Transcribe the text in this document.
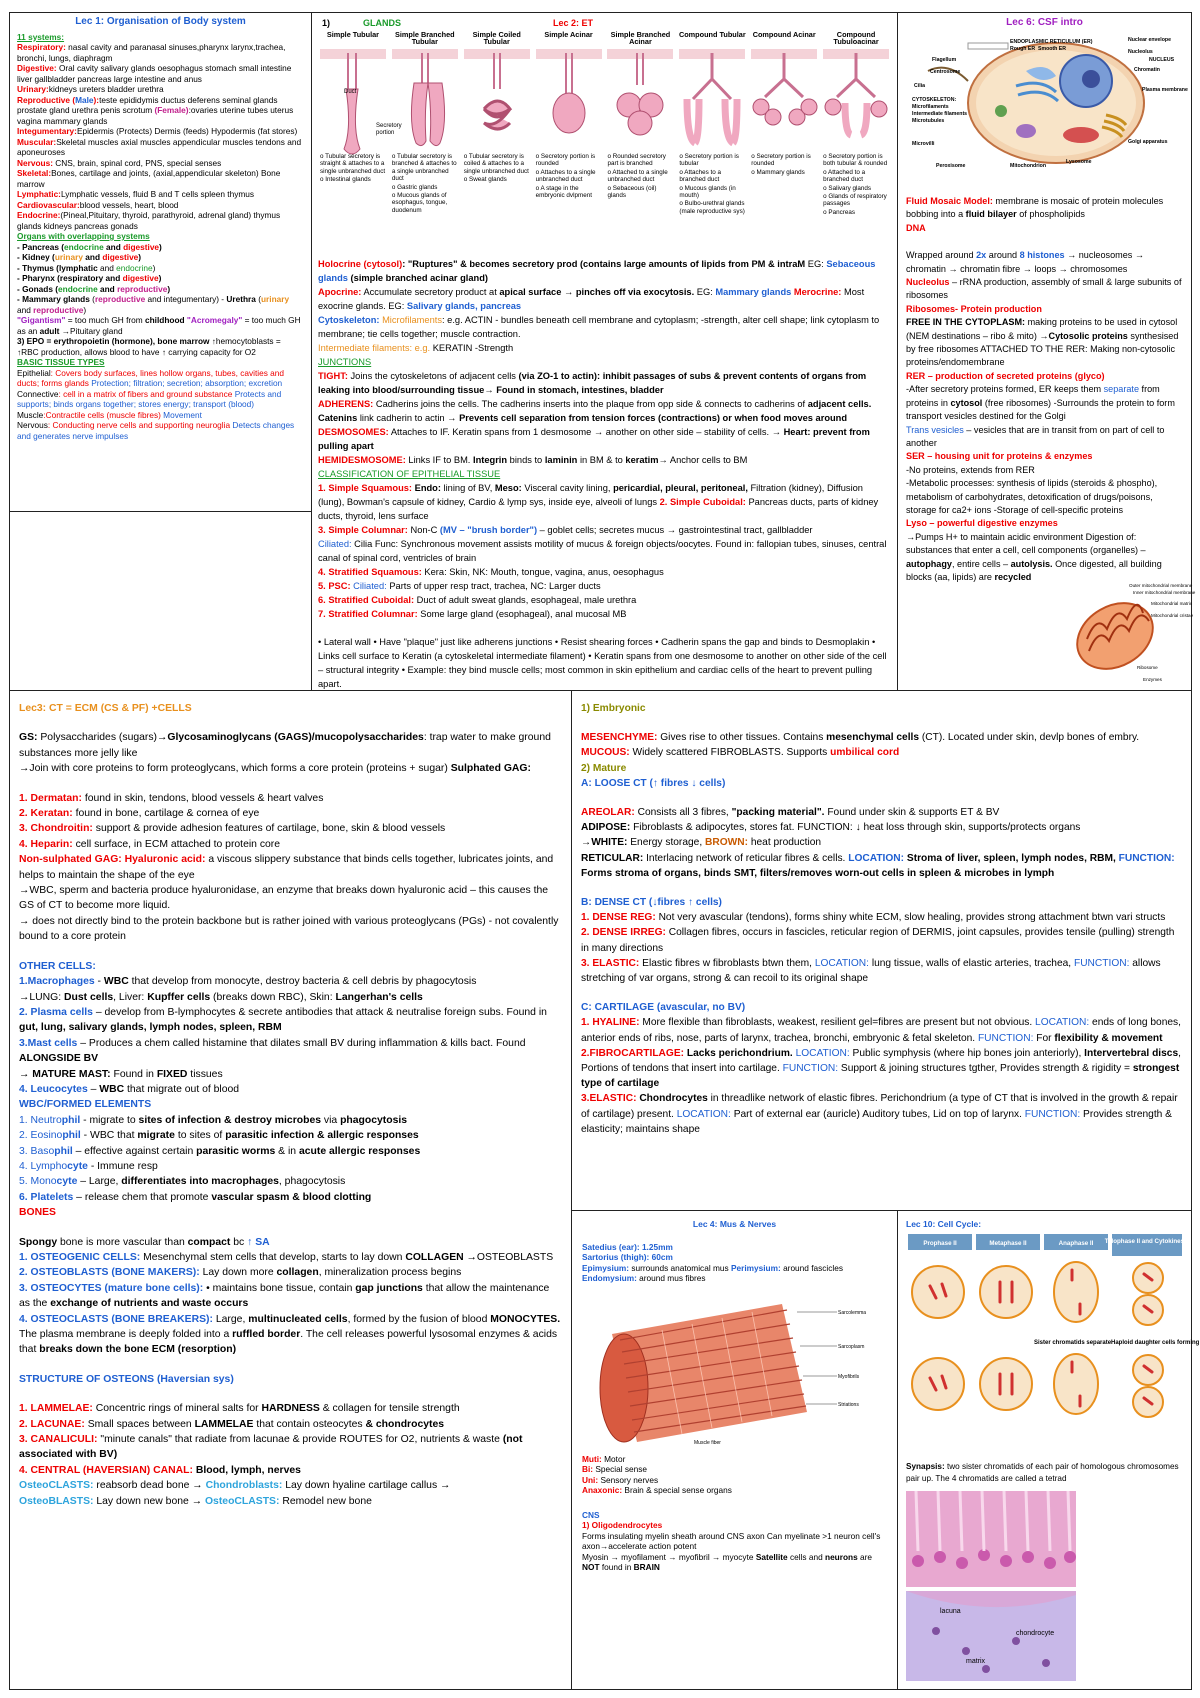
Lec 1: Organisation of Body system

11 systems:

Respiratory: nasal cavity and paranasal sinuses,pharynx larynx,trachea, bronchi, lungs, diaphragm

Digestive: Oral cavity salivary glands oesophagus stomach small intestine liver gallbladder pancreas large intestine and anus

Urinary:kidneys ureters bladder urethra

Reproductive (Male):teste epididymis ductus deferens seminal glands prostate gland urethra penis scrotum (Female):ovaries uterine tubes uterus vagina mammary glands

Integumentary:Epidermis (Protects) Dermis (feeds) Hypodermis (fat stores)

Muscular:Skeletal muscles axial muscles appendicular muscles tendons and aponeuroses

Nervous: CNS, brain, spinal cord, PNS, special senses

Skeletal:Bones, cartilage and joints, (axial,appendicular skeleton) Bone marrow

Lymphatic:Lymphatic vessels, fluid B and T cells spleen thymus

Cardiovascular:blood vessels, heart, blood

Endocrine:(Pineal,Pituitary, thyroid, parathyroid, adrenal gland) thymus glands kidneys pancreas gonads

Organs with overlapping systems

- Pancreas (endocrine and digestive)

- Kidney (urinary and digestive)

- Thymus (lymphatic and endocrine)

- Pharynx (respiratory and digestive)

- Gonads (endocrine and reproductive)

- Mammary glands (reproductive and integumentary) - Urethra (urinary and reproductive)

"Gigantism" = too much GH from childhood "Acromegaly" = too much GH as an adult →Pituitary gland

3) EPO = erythropoietin (hormone), bone marrow ↑hemocytoblasts = ↑RBC production, allows blood to have ↑ carrying capacity for O2

BASIC TISSUE TYPES

Epithelial: Covers body surfaces, lines hollow organs, tubes, cavities and ducts; forms glands Protection; filtration; secretion; absorption; excretion

Connective: cell in a matrix of fibers and ground substance Protects and supports; binds organs together; stores energy; transport (blood)

Muscle:Contractile cells (muscle fibres) Movement

Nervous: Conducting nerve cells and supporting neuroglia Detects changes and generates nerve impulses

1)	GLANDS	Lec 2: ET
Simple Tubular
Duct
Secretory portion
o Tubular secretory is straight & attaches to a single unbranched duct
o Intestinal glands
Simple Branched Tubular
o Tubular secretory is branched & attaches to a single unbranched duct
o Gastric glands
o Mucous glands of esophagus, tongue, duodenum
Simple Coiled Tubular
o Tubular secretory is coiled & attaches to a single unbranched duct
o Sweat glands
Simple Acinar
o Secretory portion is rounded
o Attaches to a single unbranched duct
o A stage in the embryonic dvlpment
Simple Branched Acinar
o Rounded secretory part is branched
o Attached to a single unbranched duct
o Sebaceous (oil) glands
Compound Tubular
o Secretory portion is tubular
o Attaches to a branched duct
o Mucous glands (in mouth)
o Bulbo-urethral glands (male reproductive sys)
Compound Acinar
o Secretory portion is rounded
o Mammary glands
Compound Tubuloacinar
o Secretory portion is both tubular & rounded
o Attached to a branched duct
o Salivary glands
o Glands of respiratory passages
o Pancreas

Holocrine (cytosol): "Ruptures" & becomes secretory prod (contains large amounts of lipids from PM & intraM EG: Sebaceous glands (simple branched acinar gland)

Apocrine: Accumulate secretory product at apical surface → pinches off via exocytosis. EG: Mammary glands Merocrine: Most exocrine glands. EG: Salivary glands, pancreas

Cytoskeleton: Microfilaments: e.g. ACTIN - bundles beneath cell membrane and cytoplasm; -strength, alter cell shape; link cytoplasm to membrane; tie cells together; muscle contraction.

Intermediate filaments: e.g. KERATIN -Strength

JUNCTIONS

TIGHT: Joins the cytoskeletons of adjacent cells (via ZO-1 to actin): inhibit passages of subs & prevent contents of organs from leaking into blood/surrounding tissue→ Found in stomach, intestines, bladder

ADHERENS: Cadherins joins the cells. The cadherins inserts into the plaque from opp side & connects to cadherins of adjacent cells. Catenins link cadherin to actin → Prevents cell separation from tension forces (contractions) or when food moves around

DESMOSOMES: Attaches to IF. Keratin spans from 1 desmosome → another on other side – stability of cells. → Heart: prevent from pulling apart

HEMIDESMOSOME: Links IF to BM. Integrin binds to laminin in BM & to keratim→ Anchor cells to BM

CLASSIFICATION OF EPITHELIAL TISSUE

1. Simple Squamous: Endo: lining of BV, Meso: Visceral cavity lining, pericardial, pleural, peritoneal, Filtration (kidney), Diffusion (lung), Bowman's capsule of kidney, Cardio & lymp sys, inside eye, alveoli of lungs 2. Simple Cuboidal: Pancreas ducts, parts of kidney ducts, thyroid, lens surface

3. Simple Columnar: Non-C (MV – "brush border") – goblet cells; secretes mucus → gastrointestinal tract, gallbladder

Ciliated: Cilia Func: Synchronous movement assists motility of mucus & foreign objects/oocytes. Found in: fallopian tubes, sinuses, central canal of spinal cord, ventricles of brain

4. Stratified Squamous: Kera: Skin, NK: Mouth, tongue, vagina, anus, oesophagus

5. PSC: Ciliated: Parts of upper resp tract, trachea, NC: Larger ducts

6. Stratified Cuboidal: Duct of adult sweat glands, esophageal, male urethra

7. Stratified Columnar: Some large gland (esophageal), anal mucosal MB

• Lateral wall • Have "plaque" just like adherens junctions • Resist shearing forces • Cadherin spans the gap and binds to Desmoplakin • Links cell surface to Keratin (a cytoskeletal intermediate filament) • Keratin spans from one desmosome to another on other side of the cell – structural integrity • Example: they bind muscle cells; most common in skin epithelium and cardiac cells of the heart to prevent pulling apart.

Lec 6: CSF intro
ENDOPLASMIC RETICULUM (ER)
Rough ER Smooth ER
Nuclear envelope
Nucleolus
NUCLEUS
Chromatin
Flagellum
Centrosome
Cilia
CYTOSKELETON:
Microfilaments
Intermediate filaments
Microtubules
Plasma membrane
Microvilli
Peroxisome	Mitochondrion
Lysosome
Golgi apparatus

Fluid Mosaic Model: membrane is mosaic of protein molecules bobbing into a fluid bilayer of phospholipids

DNA

Wrapped around 2x around 8 histones → nucleosomes → chromatin → chromatin fibre → loops → chromosomes

Nucleolus – rRNA production, assembly of small & large subunits of ribosomes

Ribosomes- Protein production

FREE IN THE CYTOPLASM: making proteins to be used in cytosol (NEM destinations – ribo & mito) →Cytosolic proteins synthesised by free ribosomes ATTACHED TO THE RER: Making non-cytosolic proteins/endomembrane

RER – production of secreted proteins (glyco)

-After secretory proteins formed, ER keeps them separate from proteins in cytosol (free ribosomes) -Surrounds the protein to form transport vesicles destined for the Golgi

Trans vesicles – vesicles that are in transit from on part of cell to another

SER – housing unit for proteins & enzymes

-No proteins, extends from RER

-Metabolic processes: synthesis of lipids (steroids & phospho), metabolism of carbohydrates, detoxification of drugs/poisons, storage for ca2+ ions -Storage of cell-specific proteins

Lyso – powerful digestive enzymes

→Pumps H+ to maintain acidic environment Digestion of: substances that enter a cell, cell components (organelles) – autophagy, entire cells – autolysis. Once digested, all building blocks (aa, lipids) are recycled

Outer mitochondrial membrane
Inner mitochondrial membrane
Mitochondrial matrix
Mitochondrial cristae
Ribosome
Enzymes

Lec3: CT = ECM (CS & PF) +CELLS

GS: Polysaccharides (sugars)→Glycosaminoglycans (GAGS)/mucopolysaccharides: trap water to make ground substances more jelly like

→Join with core proteins to form proteoglycans, which forms a core protein (proteins + sugar) Sulphated GAG:

1. Dermatan: found in skin, tendons, blood vessels & heart valves

2. Keratan: found in bone, cartilage & cornea of eye

3. Chondroitin: support & provide adhesion features of cartilage, bone, skin & blood vessels

4. Heparin: cell surface, in ECM attached to protein core

Non-sulphated GAG: Hyaluronic acid: a viscous slippery substance that binds cells together, lubricates joints, and helps to maintain the shape of the eye

→WBC, sperm and bacteria produce hyaluronidase, an enzyme that breaks down hyaluronic acid – this causes the GS of CT to become more liquid.

→ does not directly bind to the protein backbone but is rather joined with various proteoglycans (PGs) - not covalently bound to a core protein

OTHER CELLS:

1.Macrophages - WBC that develop from monocyte, destroy bacteria & cell debris by phagocytosis

→LUNG: Dust cells, Liver: Kupffer cells (breaks down RBC), Skin: Langerhan's cells

2. Plasma cells – develop from B-lymphocytes & secrete antibodies that attack & neutralise foreign subs. Found in gut, lung, salivary glands, lymph nodes, spleen, RBM

3.Mast cells – Produces a chem called histamine that dilates small BV during inflammation & kills bact. Found ALONGSIDE BV

→ MATURE MAST: Found in FIXED tissues

4. Leucocytes – WBC that migrate out of blood

WBC/FORMED ELEMENTS

1. Neutrophil - migrate to sites of infection & destroy microbes via phagocytosis

2. Eosinophil - WBC that migrate to sites of parasitic infection & allergic responses

3. Basophil – effective against certain parasitic worms & in acute allergic responses

4. Lymphocyte - Immune resp

5. Monocyte – Large, differentiates into macrophages, phagocytosis

6. Platelets – release chem that promote vascular spasm & blood clotting

BONES

Spongy bone is more vascular than compact bc ↑ SA

1. OSTEOGENIC CELLS: Mesenchymal stem cells that develop, starts to lay down COLLAGEN →OSTEOBLASTS

2. OSTEOBLASTS (BONE MAKERS): Lay down more collagen, mineralization process begins

3. OSTEOCYTES (mature bone cells): • maintains bone tissue, contain gap junctions that allow the maintenance as the exchange of nutrients and waste occurs

4. OSTEOCLASTS (BONE BREAKERS): Large, multinucleated cells, formed by the fusion of blood MONOCYTES. The plasma membrane is deeply folded into a ruffled border. The cell releases powerful lysosomal enzymes & acids that breaks down the bone ECM (resorption)

STRUCTURE OF OSTEONS (Haversian sys)

1. LAMMELAE: Concentric rings of mineral salts for HARDNESS & collagen for tensile strength

2. LACUNAE: Small spaces between LAMMELAE that contain osteocytes & chondrocytes

3. CANALICULI: "minute canals" that radiate from lacunae & provide ROUTES for O2, nutrients & waste (not associated with BV)

4. CENTRAL (HAVERSIAN) CANAL: Blood, lymph, nerves

OsteoCLASTS: reabsorb dead bone → Chondroblasts: Lay down hyaline cartilage callus →

OsteoBLASTS: Lay down new bone → OsteoCLASTS: Remodel new bone

1) Embryonic

MESENCHYME: Gives rise to other tissues. Contains mesenchymal cells (CT). Located under skin, devlp bones of embry. MUCOUS: Widely scattered FIBROBLASTS. Supports umbilical cord

2) Mature

A: LOOSE CT (↑ fibres ↓ cells)

AREOLAR: Consists all 3 fibres, "packing material". Found under skin & supports ET & BV

ADIPOSE: Fibroblasts & adipocytes, stores fat. FUNCTION: ↓ heat loss through skin, supports/protects organs

→WHITE: Energy storage, BROWN: heat production

RETICULAR: Interlacing network of reticular fibres & cells. LOCATION: Stroma of liver, spleen, lymph nodes, RBM, FUNCTION: Forms stroma of organs, binds SMT, filters/removes worn-out cells in spleen & microbes in lymph

B: DENSE CT (↓fibres ↑ cells)

1. DENSE REG: Not very avascular (tendons), forms shiny white ECM, slow healing, provides strong attachment btwn vari structs

2. DENSE IRREG: Collagen fibres, occurs in fascicles, reticular region of DERMIS, joint capsules, provides tensile (pulling) strength in many directions

3. ELASTIC: Elastic fibres w fibroblasts btwn them, LOCATION: lung tissue, walls of elastic arteries, trachea, FUNCTION: allows stretching of var organs, strong & can recoil to its original shape

C: CARTILAGE (avascular, no BV)

1. HYALINE: More flexible than fibroblasts, weakest, resilient gel=fibres are present but not obvious. LOCATION: ends of long bones, anterior ends of ribs, nose, parts of larynx, trachea, bronchi, embryonic & fetal skeleton. FUNCTION: For flexibility & movement

2.FIBROCARTILAGE: Lacks perichondrium. LOCATION: Public symphysis (where hip bones join anteriorly), Intervertebral discs, Portions of tendons that insert into cartilage. FUNCTION: Support & joining structures tgther, Provides strength & rigidity = strongest type of cartilage

3.ELASTIC: Chondrocytes in threadlike network of elastic fibres. Perichondrium (a type of CT that is involved in the growth & repair of cartilage) present. LOCATION: Part of external ear (auricle) Auditory tubes, Lid on top of larynx. FUNCTION: Provides strength & elasticity; maintains shape

Lec 4: Mus & Nerves

Satedius (ear): 1.25mm

Sartorius (thigh): 60cm

Epimysium: surrounds anatomical mus Perimysium: around fascicles

Endomysium: around mus fibres

Sarcolemma
Sarcoplasm
Myofibrils
Striations
Muscle fiber

Muti: Motor

Bi: Special sense

Uni: Sensory nerves

Anaxonic: Brain & special sense organs

CNS

1) Oligodendrocytes

Forms insulating myelin sheath around CNS axon Can myelinate >1 neuron cell's axon→accelerate action potent

Myosin → myofilament → myofibril → myocyte Satellite cells and neurons are NOT found in BRAIN

Lec 10: Cell Cycle:
Prophase II	Metaphase II	Anaphase II Telophase II and Cytokinesis
Sister chromatids separate Haploid daughter cells forming
Synapsis: two sister chromatids of each pair of homologous chromosomes pair up. The 4 chromatids are called a tetrad
lacuna
chondrocyte
matrix
